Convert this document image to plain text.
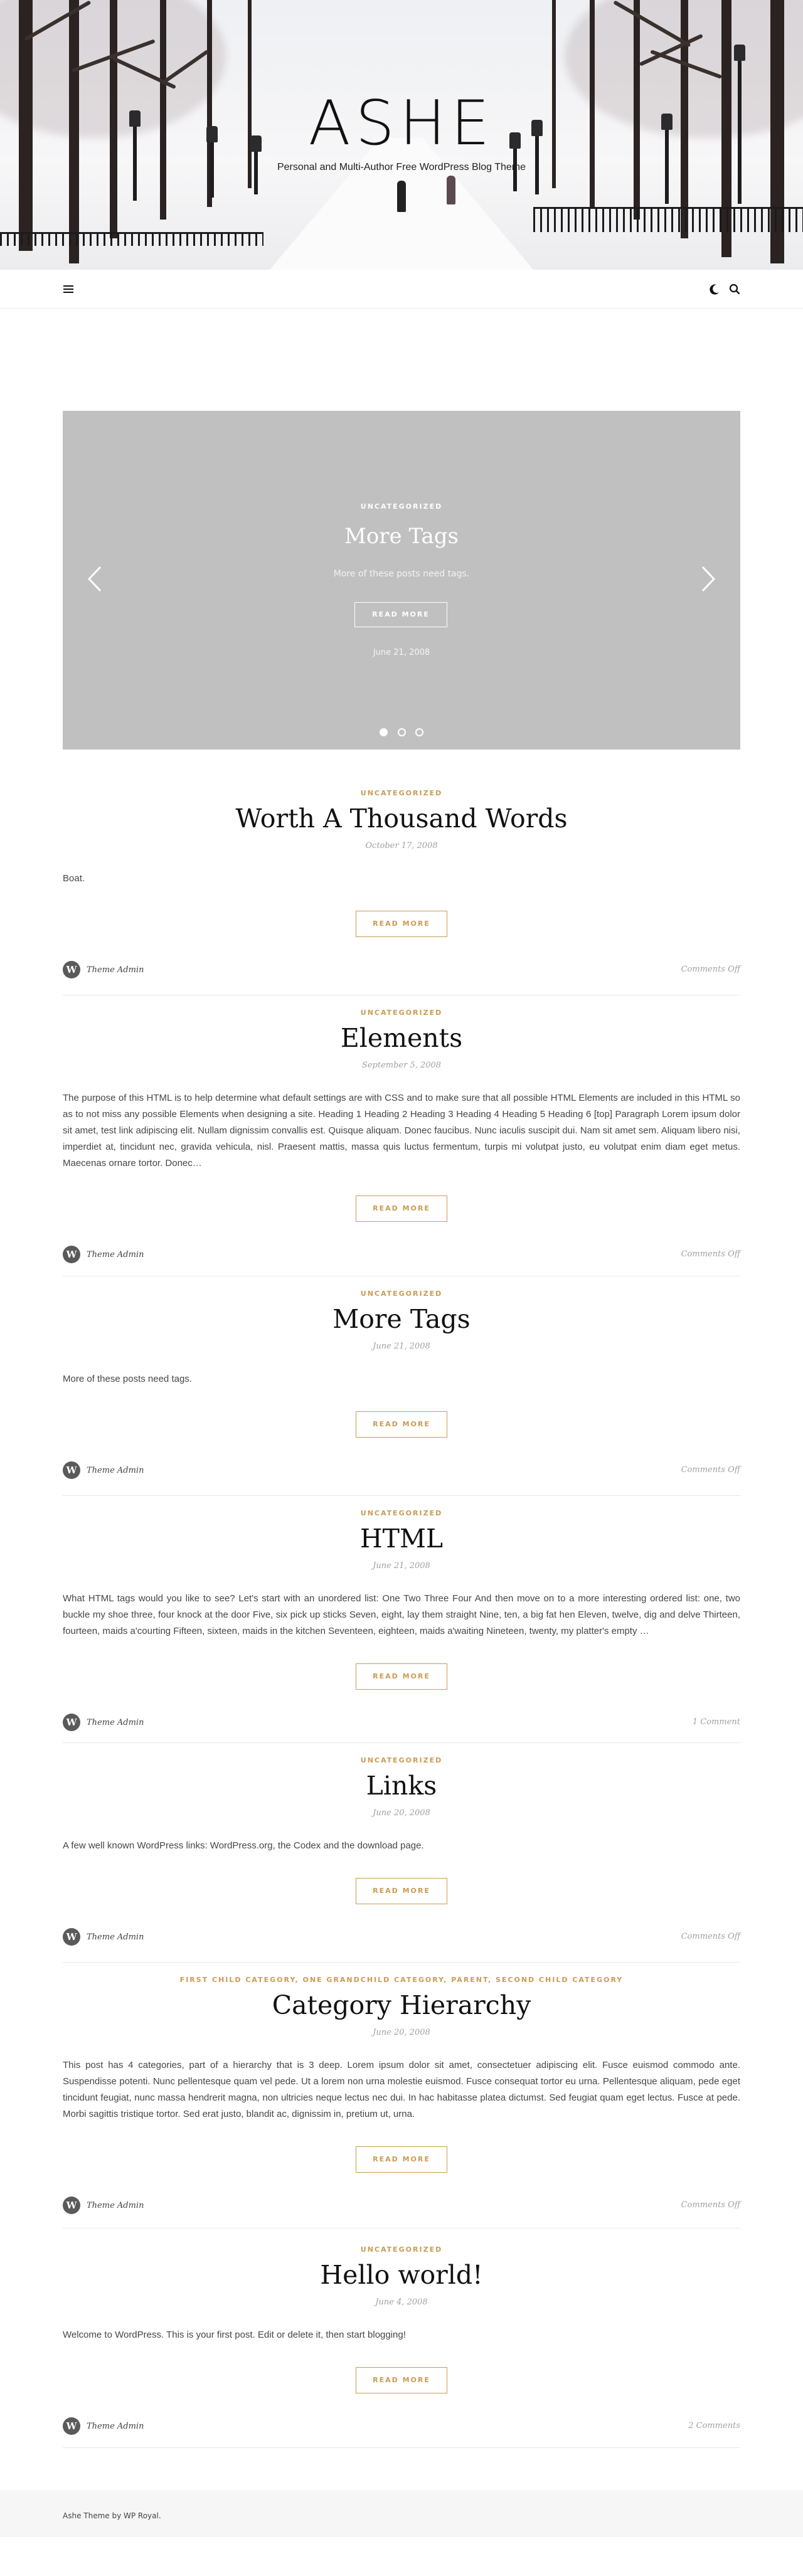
ASHE
Personal and Multi-Author Free WordPress Blog Theme
UNCATEGORIZED
More Tags
More of these posts need tags.
READ MORE
June 21, 2008

UNCATEGORIZED
Worth A Thousand Words
October 17, 2008
Boat.
READ MORE
W	Theme Admin	Comments Off
UNCATEGORIZED
Elements
September 5, 2008
The purpose of this HTML is to help determine what default settings are with CSS and to make sure that all possible HTML Elements are included in this HTML so as to not miss any possible Elements when designing a site. Heading 1 Heading 2 Heading 3 Heading 4 Heading 5 Heading 6 [top] Paragraph Lorem ipsum dolor sit amet, test link adipiscing elit. Nullam dignissim convallis est. Quisque aliquam. Donec faucibus. Nunc iaculis suscipit dui. Nam sit amet sem. Aliquam libero nisi, imperdiet at, tincidunt nec, gravida vehicula, nisl. Praesent mattis, massa quis luctus fermentum, turpis mi volutpat justo, eu volutpat enim diam eget metus. Maecenas ornare tortor. Donec…
READ MORE
W	Theme Admin	Comments Off
UNCATEGORIZED
More Tags
June 21, 2008
More of these posts need tags.
READ MORE
W	Theme Admin	Comments Off
UNCATEGORIZED
HTML
June 21, 2008
What HTML tags would you like to see? Let's start with an unordered list: One Two Three Four And then move on to a more interesting ordered list: one, two buckle my shoe three, four knock at the door Five, six pick up sticks Seven, eight, lay them straight Nine, ten, a big fat hen Eleven, twelve, dig and delve Thirteen, fourteen, maids a'courting Fifteen, sixteen, maids in the kitchen Seventeen, eighteen, maids a'waiting Nineteen, twenty, my platter's empty …
READ MORE
W	Theme Admin	1 Comment
UNCATEGORIZED
Links
June 20, 2008
A few well known WordPress links: WordPress.org, the Codex and the download page.
READ MORE
W	Theme Admin	Comments Off
FIRST CHILD CATEGORY, ONE GRANDCHILD CATEGORY, PARENT, SECOND CHILD CATEGORY
Category Hierarchy
June 20, 2008
This post has 4 categories, part of a hierarchy that is 3 deep. Lorem ipsum dolor sit amet, consectetuer adipiscing elit. Fusce euismod commodo ante. Suspendisse potenti. Nunc pellentesque quam vel pede. Ut a lorem non urna molestie euismod. Fusce consequat tortor eu urna. Pellentesque aliquam, pede eget tincidunt feugiat, nunc massa hendrerit magna, non ultricies neque lectus nec dui. In hac habitasse platea dictumst. Sed feugiat quam eget lectus. Fusce at pede. Morbi sagittis tristique tortor. Sed erat justo, blandit ac, dignissim in, pretium ut, urna.
READ MORE
W	Theme Admin	Comments Off
UNCATEGORIZED
Hello world!
June 4, 2008
Welcome to WordPress. This is your first post. Edit or delete it, then start blogging!
READ MORE
W	Theme Admin	2 Comments
Ashe Theme by WP Royal.
